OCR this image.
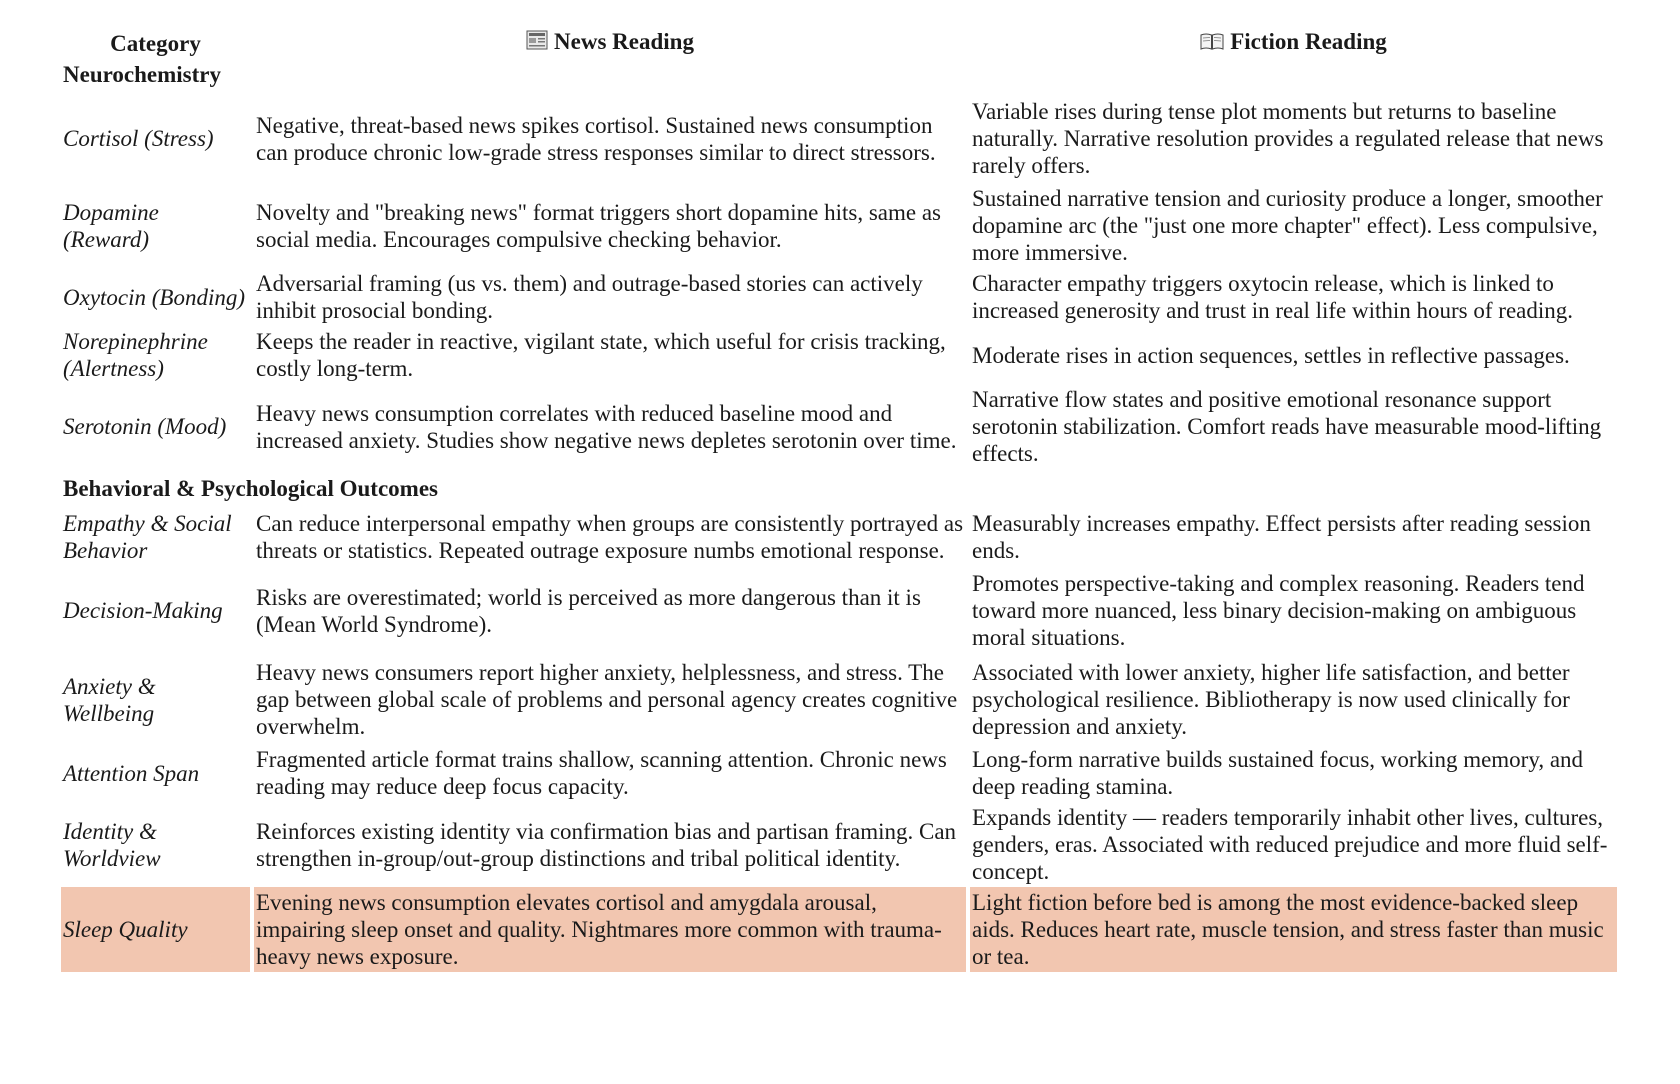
Category	News Reading	Fiction Reading
Neurochemistry		
Cortisol (Stress)	Negative, threat-based news spikes cortisol. Sustained news consumption can produce chronic low-grade stress responses similar to direct stressors.	Variable rises during tense plot moments but returns to baseline naturally. Narrative resolution provides a regulated release that news rarely offers.
Dopamine (Reward)	Novelty and "breaking news" format triggers short dopamine hits, same as social media. Encourages compulsive checking behavior.	Sustained narrative tension and curiosity produce a longer, smoother dopamine arc (the "just one more chapter" effect). Less compulsive, more immersive.
Oxytocin (Bonding)	Adversarial framing (us vs. them) and outrage-based stories can actively inhibit prosocial bonding.	Character empathy triggers oxytocin release, which is linked to increased generosity and trust in real life within hours of reading.
Norepinephrine (Alertness)	Keeps the reader in reactive, vigilant state, which useful for crisis tracking, costly long-term.	Moderate rises in action sequences, settles in reflective passages.
Serotonin (Mood)	Heavy news consumption correlates with reduced baseline mood and increased anxiety. Studies show negative news depletes serotonin over time.	Narrative flow states and positive emotional resonance support serotonin stabilization. Comfort reads have measurable mood-lifting effects.
Behavioral & Psychological Outcomes		
Empathy & Social Behavior	Can reduce interpersonal empathy when groups are consistently portrayed as threats or statistics. Repeated outrage exposure numbs emotional response.	Measurably increases empathy. Effect persists after reading session ends.
Decision-Making	Risks are overestimated; world is perceived as more dangerous than it is (Mean World Syndrome).	Promotes perspective-taking and complex reasoning. Readers tend toward more nuanced, less binary decision-making on ambiguous moral situations.
Anxiety & Wellbeing	Heavy news consumers report higher anxiety, helplessness, and stress. The gap between global scale of problems and personal agency creates cognitive overwhelm.	Associated with lower anxiety, higher life satisfaction, and better psychological resilience. Bibliotherapy is now used clinically for depression and anxiety.
Attention Span	Fragmented article format trains shallow, scanning attention. Chronic news reading may reduce deep focus capacity.	Long-form narrative builds sustained focus, working memory, and deep reading stamina.
Identity & Worldview	Reinforces existing identity via confirmation bias and partisan framing. Can strengthen in-group/out-group distinctions and tribal political identity.	Expands identity — readers temporarily inhabit other lives, cultures, genders, eras. Associated with reduced prejudice and more fluid self-concept.
Sleep Quality	Evening news consumption elevates cortisol and amygdala arousal, impairing sleep onset and quality. Nightmares more common with trauma-heavy news exposure.	Light fiction before bed is among the most evidence-backed sleep aids. Reduces heart rate, muscle tension, and stress faster than music or tea.
